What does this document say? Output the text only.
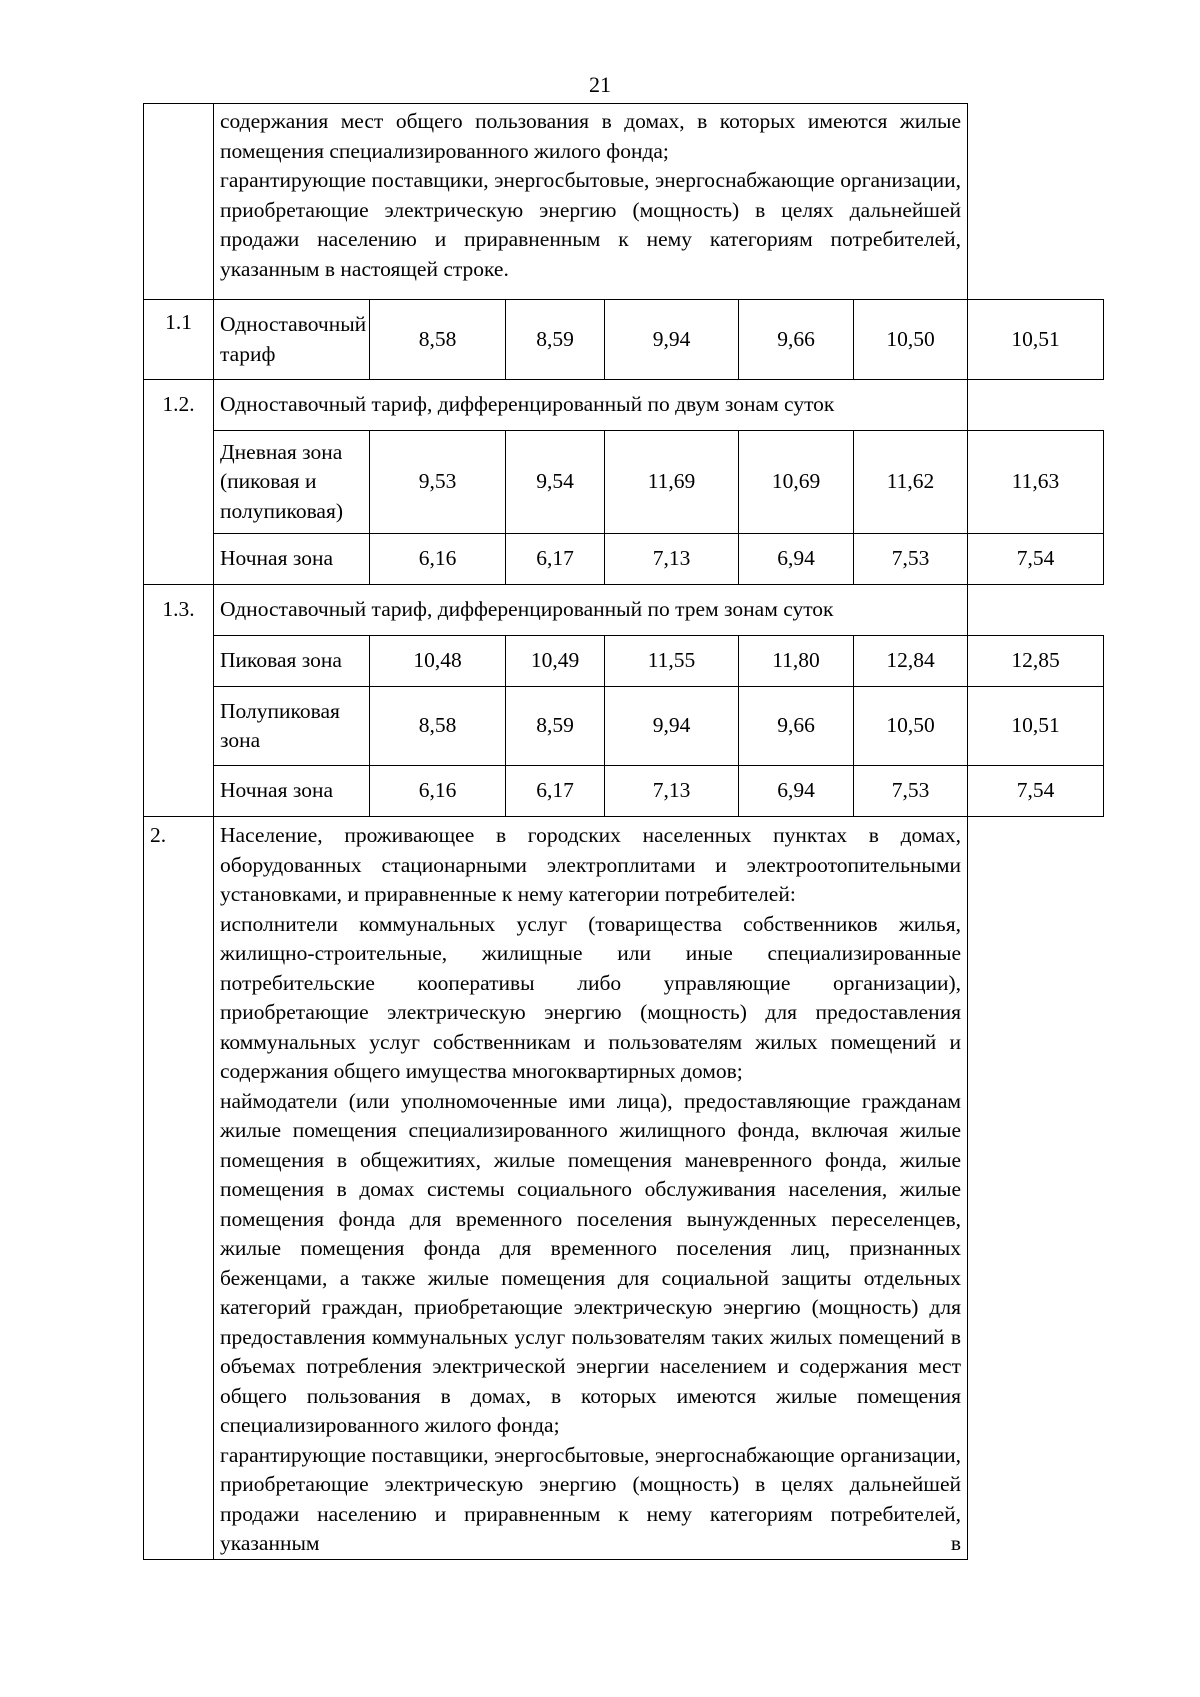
21

	содержания мест общего пользования в домах, в которых имеются жилые помещения специализированного жилого фонда;
гарантирующие поставщики, энергосбытовые, энергоснабжающие организации, приобретающие электрическую энергию (мощность) в целях дальнейшей продажи населению и приравненным к нему категориям потребителей, указанным в настоящей строке.						

1.1	Одноставочный тариф	8,58	8,59	9,94	9,66	10,50	10,51
1.2.	Одноставочный тариф, дифференцированный по двум зонам суток						
	Дневная зона (пиковая и полупиковая)	9,53	9,54	11,69	10,69	11,62	11,63
	Ночная зона	6,16	6,17	7,13	6,94	7,53	7,54
1.3.	Одноставочный тариф, дифференцированный по трем зонам суток						
	Пиковая зона	10,48	10,49	11,55	11,80	12,84	12,85
	Полупиковая зона	8,58	8,59	9,94	9,66	10,50	10,51
	Ночная зона	6,16	6,17	7,13	6,94	7,53	7,54
2.	Население, проживающее в городских населенных пунктах в домах, оборудованных стационарными электроплитами и электроотопительными установками, и приравненные к нему категории потребителей:
исполнители коммунальных услуг (товарищества собственников жилья, жилищно-строительные, жилищные или иные специализированные потребительские кооперативы либо управляющие организации), приобретающие электрическую энергию (мощность) для предоставления коммунальных услуг собственникам и пользователям жилых помещений и содержания общего имущества многоквартирных домов;
наймодатели (или уполномоченные ими лица), предоставляющие гражданам жилые помещения специализированного жилищного фонда, включая жилые помещения в общежитиях, жилые помещения маневренного фонда, жилые помещения в домах системы социального обслуживания населения, жилые помещения фонда для временного поселения вынужденных переселенцев, жилые помещения фонда для временного поселения лиц, признанных беженцами, а также жилые помещения для социальной защиты отдельных категорий граждан, приобретающие электрическую энергию (мощность) для предоставления коммунальных услуг пользователям таких жилых помещений в объемах потребления электрической энергии населением и содержания мест общего пользования в домах, в которых имеются жилые помещения специализированного жилого фонда;
гарантирующие поставщики, энергосбытовые, энергоснабжающие организации, приобретающие электрическую энергию (мощность) в целях дальнейшей продажи населению и приравненным к нему категориям потребителей, указанным в						
